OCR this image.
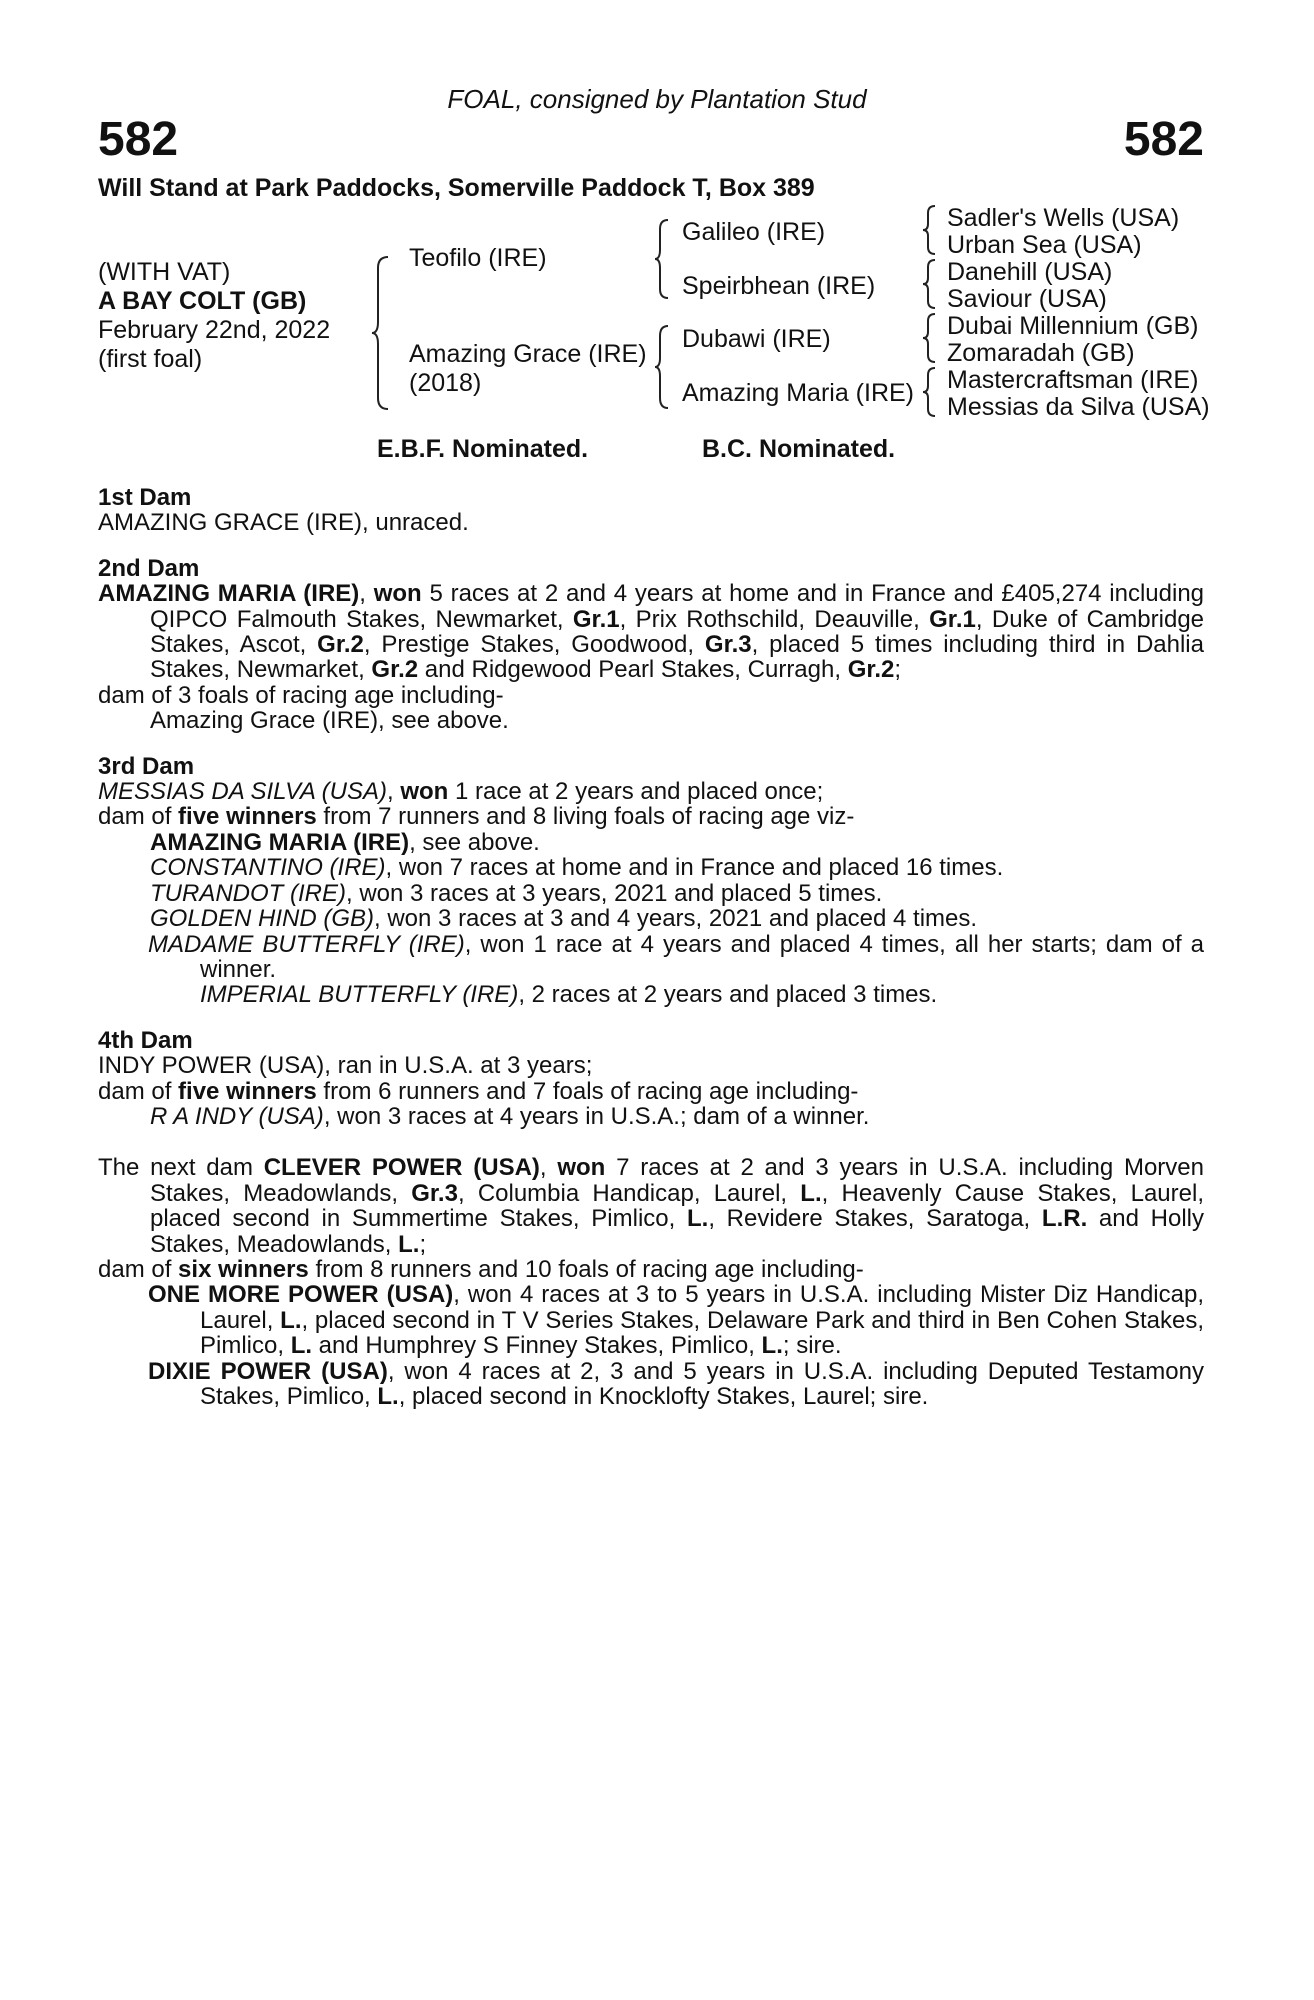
FOAL, consigned by Plantation Stud
582	582
Will Stand at Park Paddocks, Somerville Paddock T, Box 389
(WITH VAT)
A BAY COLT (GB)
February 22nd, 2022
(first foal)
Teofilo (IRE)
Amazing Grace (IRE)
(2018)
Galileo (IRE)
Speirbhean (IRE)
Dubawi (IRE)
Amazing Maria (IRE)
Sadler's Wells (USA)
Urban Sea (USA)
Danehill (USA)
Saviour (USA)
Dubai Millennium (GB)
Zomaradah (GB)
Mastercraftsman (IRE)
Messias da Silva (USA)
E.B.F. Nominated.	B.C. Nominated.
1st Dam
AMAZING GRACE (IRE), unraced.
2nd Dam
AMAZING MARIA (IRE), won 5 races at 2 and 4 years at home and in France and £405,274 including QIPCO Falmouth Stakes, Newmarket, Gr.1, Prix Rothschild, Deauville, Gr.1, Duke of Cambridge Stakes, Ascot, Gr.2, Prestige Stakes, Goodwood, Gr.3, placed 5 times including third in Dahlia Stakes, Newmarket, Gr.2 and Ridgewood Pearl Stakes, Curragh, Gr.2;
dam of 3 foals of racing age including-
Amazing Grace (IRE), see above.
3rd Dam
MESSIAS DA SILVA (USA), won 1 race at 2 years and placed once;
dam of five winners from 7 runners and 8 living foals of racing age viz-
AMAZING MARIA (IRE), see above.
CONSTANTINO (IRE), won 7 races at home and in France and placed 16 times.
TURANDOT (IRE), won 3 races at 3 years, 2021 and placed 5 times.
GOLDEN HIND (GB), won 3 races at 3 and 4 years, 2021 and placed 4 times.
MADAME BUTTERFLY (IRE), won 1 race at 4 years and placed 4 times, all her starts; dam of a winner.
IMPERIAL BUTTERFLY (IRE), 2 races at 2 years and placed 3 times.
4th Dam
INDY POWER (USA), ran in U.S.A. at 3 years;
dam of five winners from 6 runners and 7 foals of racing age including-
R A INDY (USA), won 3 races at 4 years in U.S.A.; dam of a winner.
The next dam CLEVER POWER (USA), won 7 races at 2 and 3 years in U.S.A. including Morven Stakes, Meadowlands, Gr.3, Columbia Handicap, Laurel, L., Heavenly Cause Stakes, Laurel, placed second in Summertime Stakes, Pimlico, L., Revidere Stakes, Saratoga, L.R. and Holly Stakes, Meadowlands, L.;
dam of six winners from 8 runners and 10 foals of racing age including-
ONE MORE POWER (USA), won 4 races at 3 to 5 years in U.S.A. including Mister Diz Handicap, Laurel, L., placed second in T V Series Stakes, Delaware Park and third in Ben Cohen Stakes, Pimlico, L. and Humphrey S Finney Stakes, Pimlico, L.; sire.
DIXIE POWER (USA), won 4 races at 2, 3 and 5 years in U.S.A. including Deputed Testamony Stakes, Pimlico, L., placed second in Knocklofty Stakes, Laurel; sire.
